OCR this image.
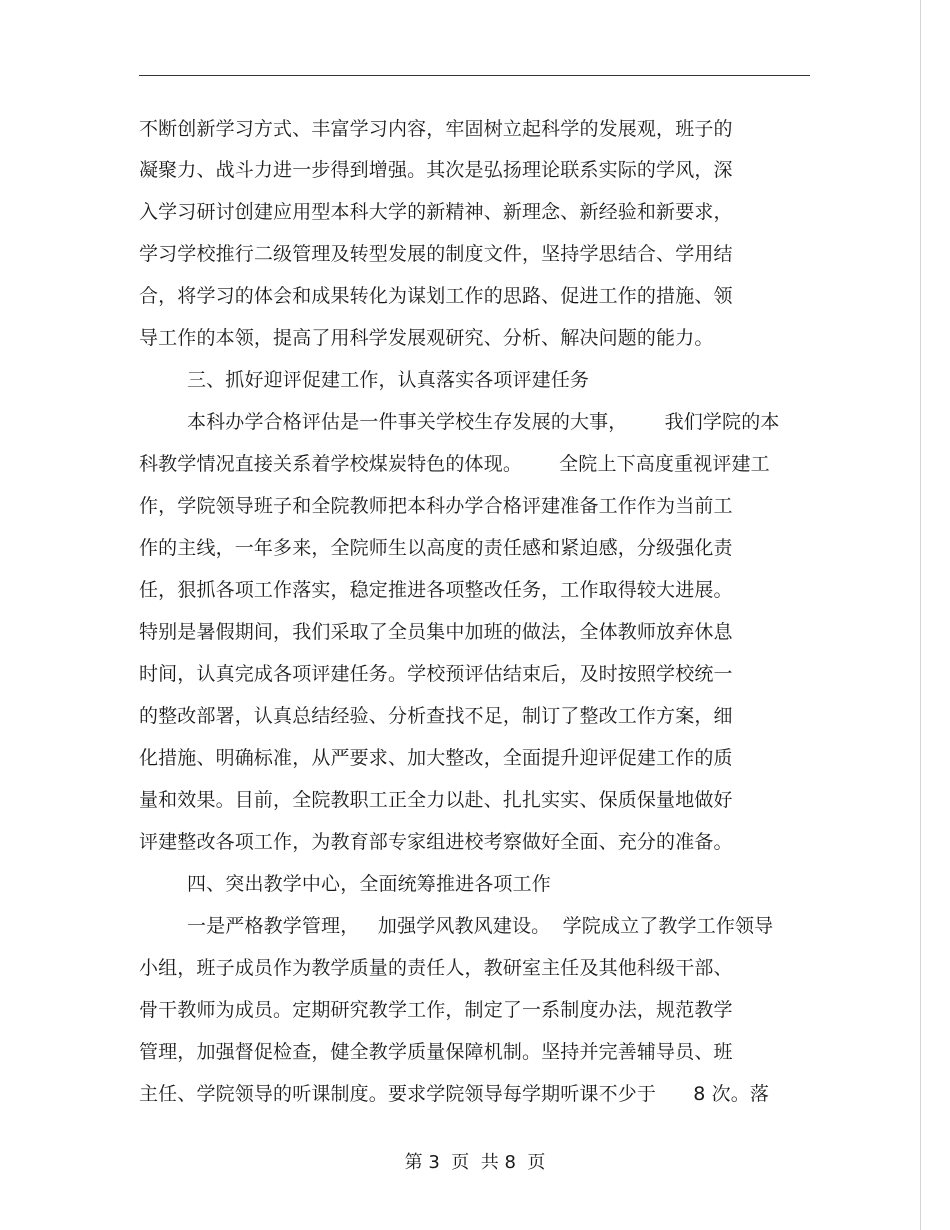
不断创新学习方式、丰富学习内容，牢固树立起科学的发展观，班子的
凝聚力、战斗力进一步得到增强。其次是弘扬理论联系实际的学风，深
入学习研讨创建应用型本科大学的新精神、新理念、新经验和新要求，
学习学校推行二级管理及转型发展的制度文件，坚持学思结合、学用结
合，将学习的体会和成果转化为谋划工作的思路、促进工作的措施、领
导工作的本领，提高了用科学发展观研究、分析、解决问题的能力。
三、抓好迎评促建工作，认真落实各项评建任务
本科办学合格评估是一件事关学校生存发展的大事，      我们学院的本
科教学情况直接关系着学校煤炭特色的体现。      全院上下高度重视评建工
作，学院领导班子和全院教师把本科办学合格评建准备工作作为当前工
作的主线，一年多来，全院师生以高度的责任感和紧迫感，分级强化责
任，狠抓各项工作落实，稳定推进各项整改任务，工作取得较大进展。
特别是暑假期间，我们采取了全员集中加班的做法，全体教师放弃休息
时间，认真完成各项评建任务。学校预评估结束后，及时按照学校统一
的整改部署，认真总结经验、分析查找不足，制订了整改工作方案，细
化措施、明确标准，从严要求、加大整改，全面提升迎评促建工作的质
量和效果。目前，全院教职工正全力以赴、扎扎实实、保质保量地做好
评建整改各项工作，为教育部专家组进校考察做好全面、充分的准备。
四、突出教学中心，全面统筹推进各项工作
一是严格教学管理，   加强学风教风建设。  学院成立了教学工作领导
小组，班子成员作为教学质量的责任人，教研室主任及其他科级干部、
骨干教师为成员。定期研究教学工作，制定了一系制度办法，规范教学
管理，加强督促检查，健全教学质量保障机制。坚持并完善辅导员、班
主任、学院领导的听课制度。要求学院领导每学期听课不少于      8 次。落
第 3  页  共 8  页
